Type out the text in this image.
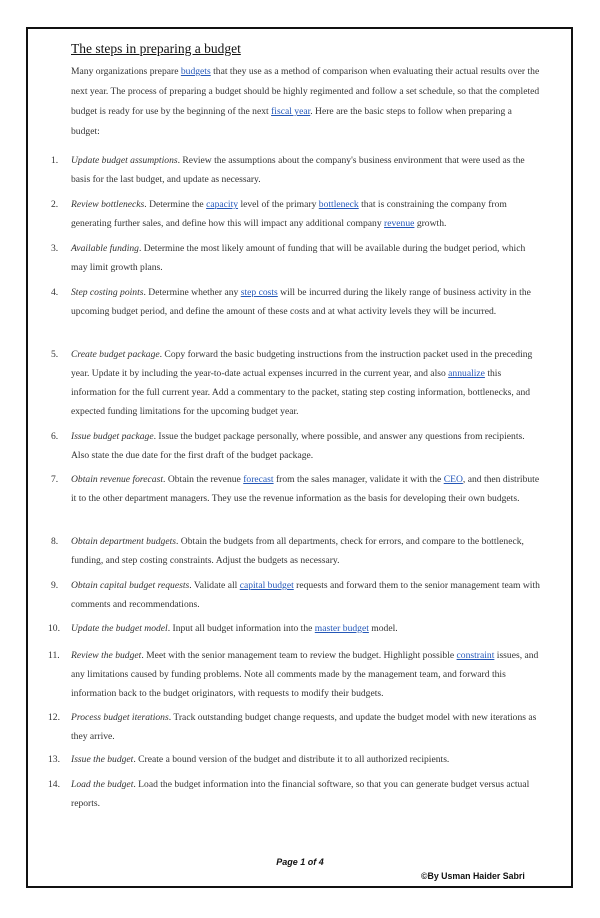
The steps in preparing a budget
Many organizations prepare budgets that they use as a method of comparison when evaluating their actual results over the next year. The process of preparing a budget should be highly regimented and follow a set schedule, so that the completed budget is ready for use by the beginning of the next fiscal year. Here are the basic steps to follow when preparing a budget:
1.	Update budget assumptions. Review the assumptions about the company's business environment that were used as the basis for the last budget, and update as necessary.
2.	Review bottlenecks. Determine the capacity level of the primary bottleneck that is constraining the company from generating further sales, and define how this will impact any additional company revenue growth.
3.	Available funding. Determine the most likely amount of funding that will be available during the budget period, which may limit growth plans.
4.	Step costing points. Determine whether any step costs will be incurred during the likely range of business activity in the upcoming budget period, and define the amount of these costs and at what activity levels they will be incurred.
5.	Create budget package. Copy forward the basic budgeting instructions from the instruction packet used in the preceding year. Update it by including the year-to-date actual expenses incurred in the current year, and also annualize this information for the full current year. Add a commentary to the packet, stating step costing information, bottlenecks, and expected funding limitations for the upcoming budget year.
6.	Issue budget package. Issue the budget package personally, where possible, and answer any questions from recipients. Also state the due date for the first draft of the budget package.
7.	Obtain revenue forecast. Obtain the revenue forecast from the sales manager, validate it with the CEO, and then distribute it to the other department managers. They use the revenue information as the basis for developing their own budgets.
8.	Obtain department budgets. Obtain the budgets from all departments, check for errors, and compare to the bottleneck, funding, and step costing constraints. Adjust the budgets as necessary.
9.	Obtain capital budget requests. Validate all capital budget requests and forward them to the senior management team with comments and recommendations.
10.	Update the budget model. Input all budget information into the master budget model.
11.	Review the budget. Meet with the senior management team to review the budget. Highlight possible constraint issues, and any limitations caused by funding problems. Note all comments made by the management team, and forward this information back to the budget originators, with requests to modify their budgets.
12.	Process budget iterations. Track outstanding budget change requests, and update the budget model with new iterations as they arrive.
13.	Issue the budget. Create a bound version of the budget and distribute it to all authorized recipients.
14.	Load the budget. Load the budget information into the financial software, so that you can generate budget versus actual reports.
Page 1 of 4
©By Usman Haider Sabri
